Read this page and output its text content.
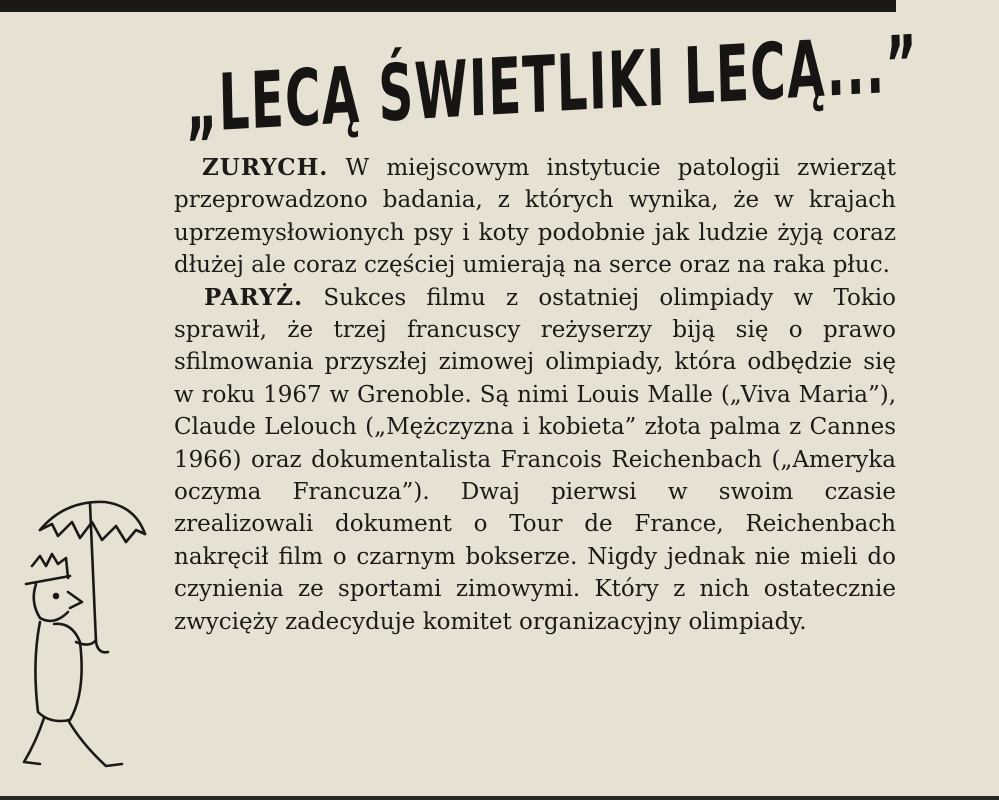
„LECĄ ŚWIETLIKI LECĄ...”

ZURYCH. W miejscowym instytucie patologii zwierząt przeprowadzono badania, z których wynika, że w krajach uprzemysłowionych psy i koty podobnie jak ludzie żyją coraz dłużej ale coraz częściej umierają na serce oraz na raka płuc.

PARYŻ. Sukces filmu z ostatniej olimpiady w Tokio sprawił, że trzej francuscy reżyserzy biją się o prawo sfilmowania przyszłej zimowej olimpiady, która odbędzie się w roku 1967 w Grenoble. Są nimi Louis Malle („Viva Maria”), Claude Lelouch („Mężczyzna i kobieta” złota palma z Cannes 1966) oraz dokumentalista Francois Reichenbach („Ameryka oczyma Francuza”). Dwaj pierwsi w swoim czasie zrealizowali dokument o Tour de France, Reichenbach nakręcił film o czarnym bokserze. Nigdy jednak nie mieli do czynienia ze sportami zimowymi. Który z nich ostatecznie zwycięży zadecyduje komitet organizacyjny olimpiady.
